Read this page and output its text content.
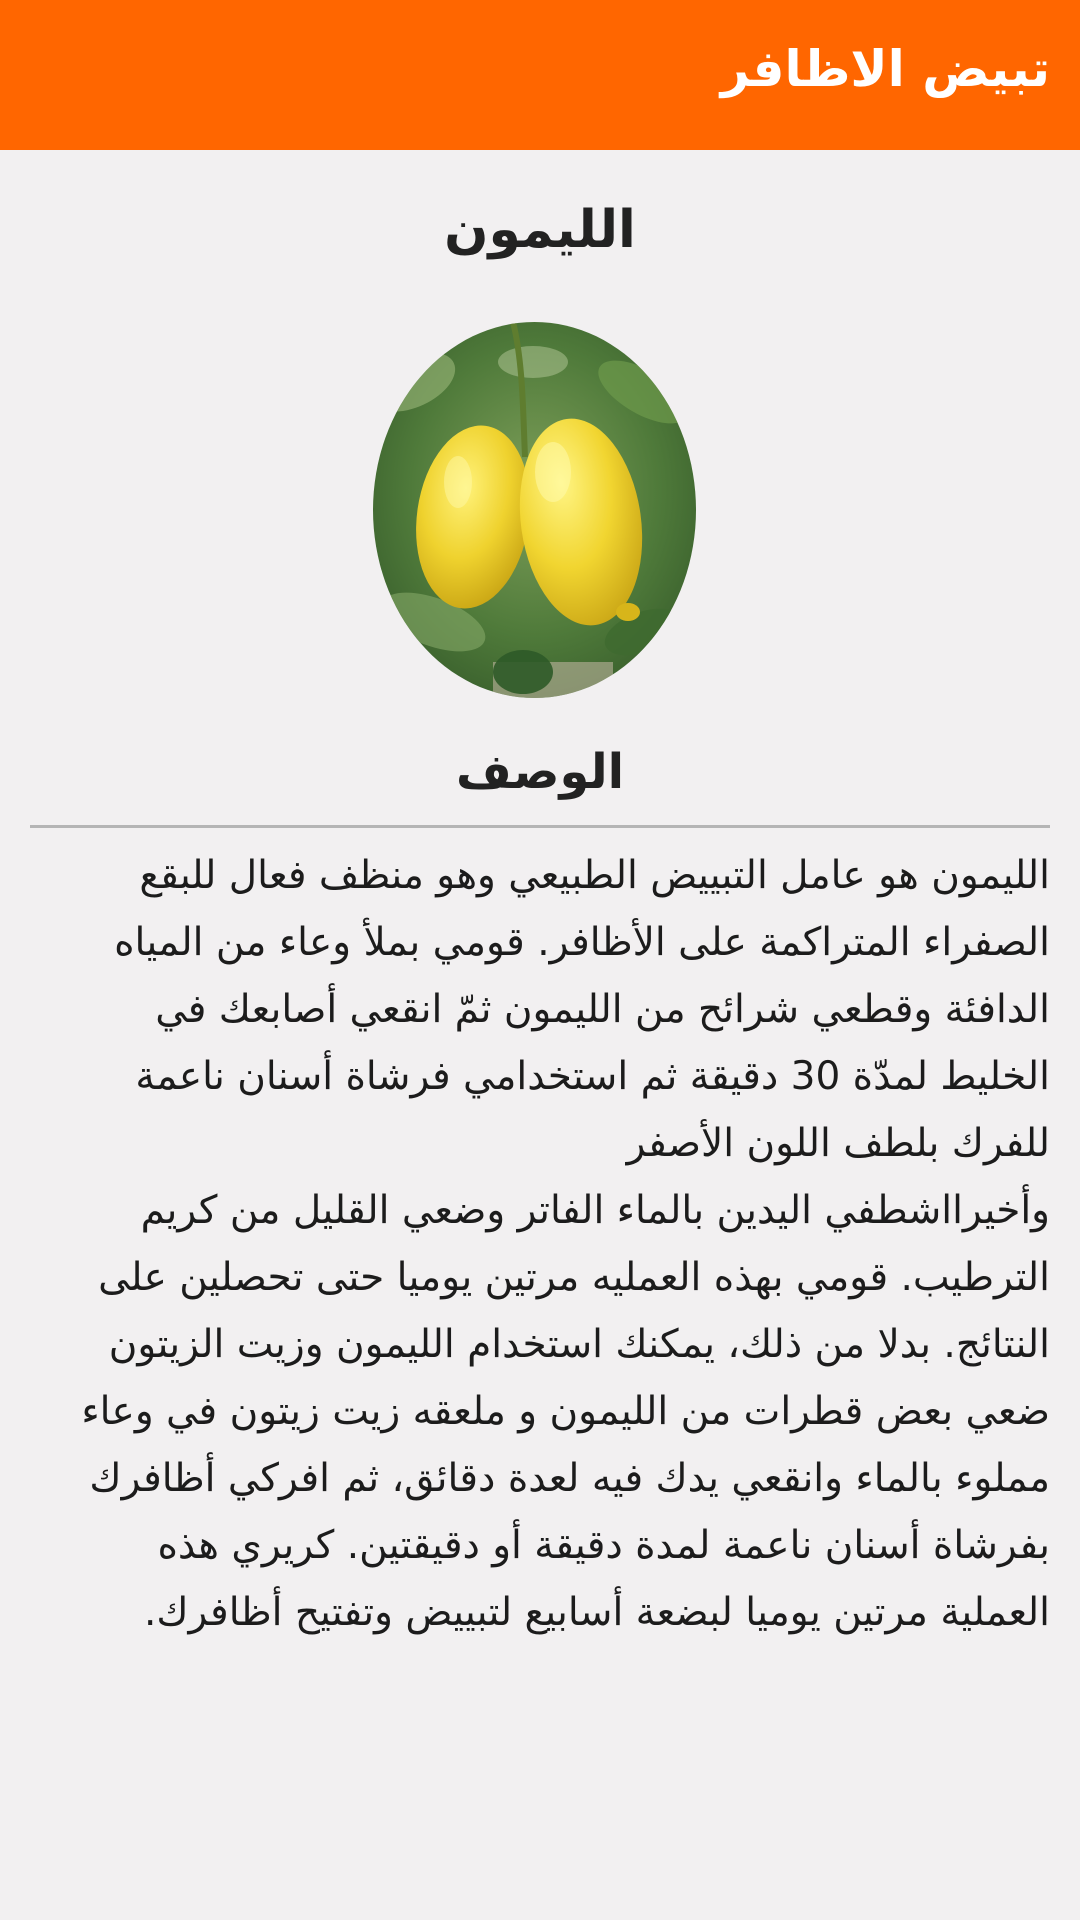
تبيض الاظافر
الليمون
الوصف
الليمون هو عامل التبييض الطبيعي وهو منظف فعال للبقع الصفراء المتراكمة على الأظافر. قومي بملأ وعاء من المياه الدافئة وقطعي شرائح من الليمون ثمّ انقعي أصابعك في الخليط لمدّة 30 دقيقة ثم استخدامي فرشاة أسنان ناعمة للفرك بلطف اللون الأصفر
وأخيرااشطفي اليدين بالماء الفاتر وضعي القليل من كريم الترطيب. قومي بهذه العمليه مرتين يوميا حتى تحصلين على النتائج. بدلا من ذلك، يمكنك استخدام الليمون وزيت الزيتون ضعي بعض قطرات من الليمون و ملعقه زيت زيتون في وعاء مملوء بالماء وانقعي يدك فيه لعدة دقائق، ثم افركي أظافرك بفرشاة أسنان ناعمة لمدة دقيقة أو دقيقتين. كريري هذه العملية مرتين يوميا لبضعة أسابيع لتبييض وتفتيح أظافرك.
